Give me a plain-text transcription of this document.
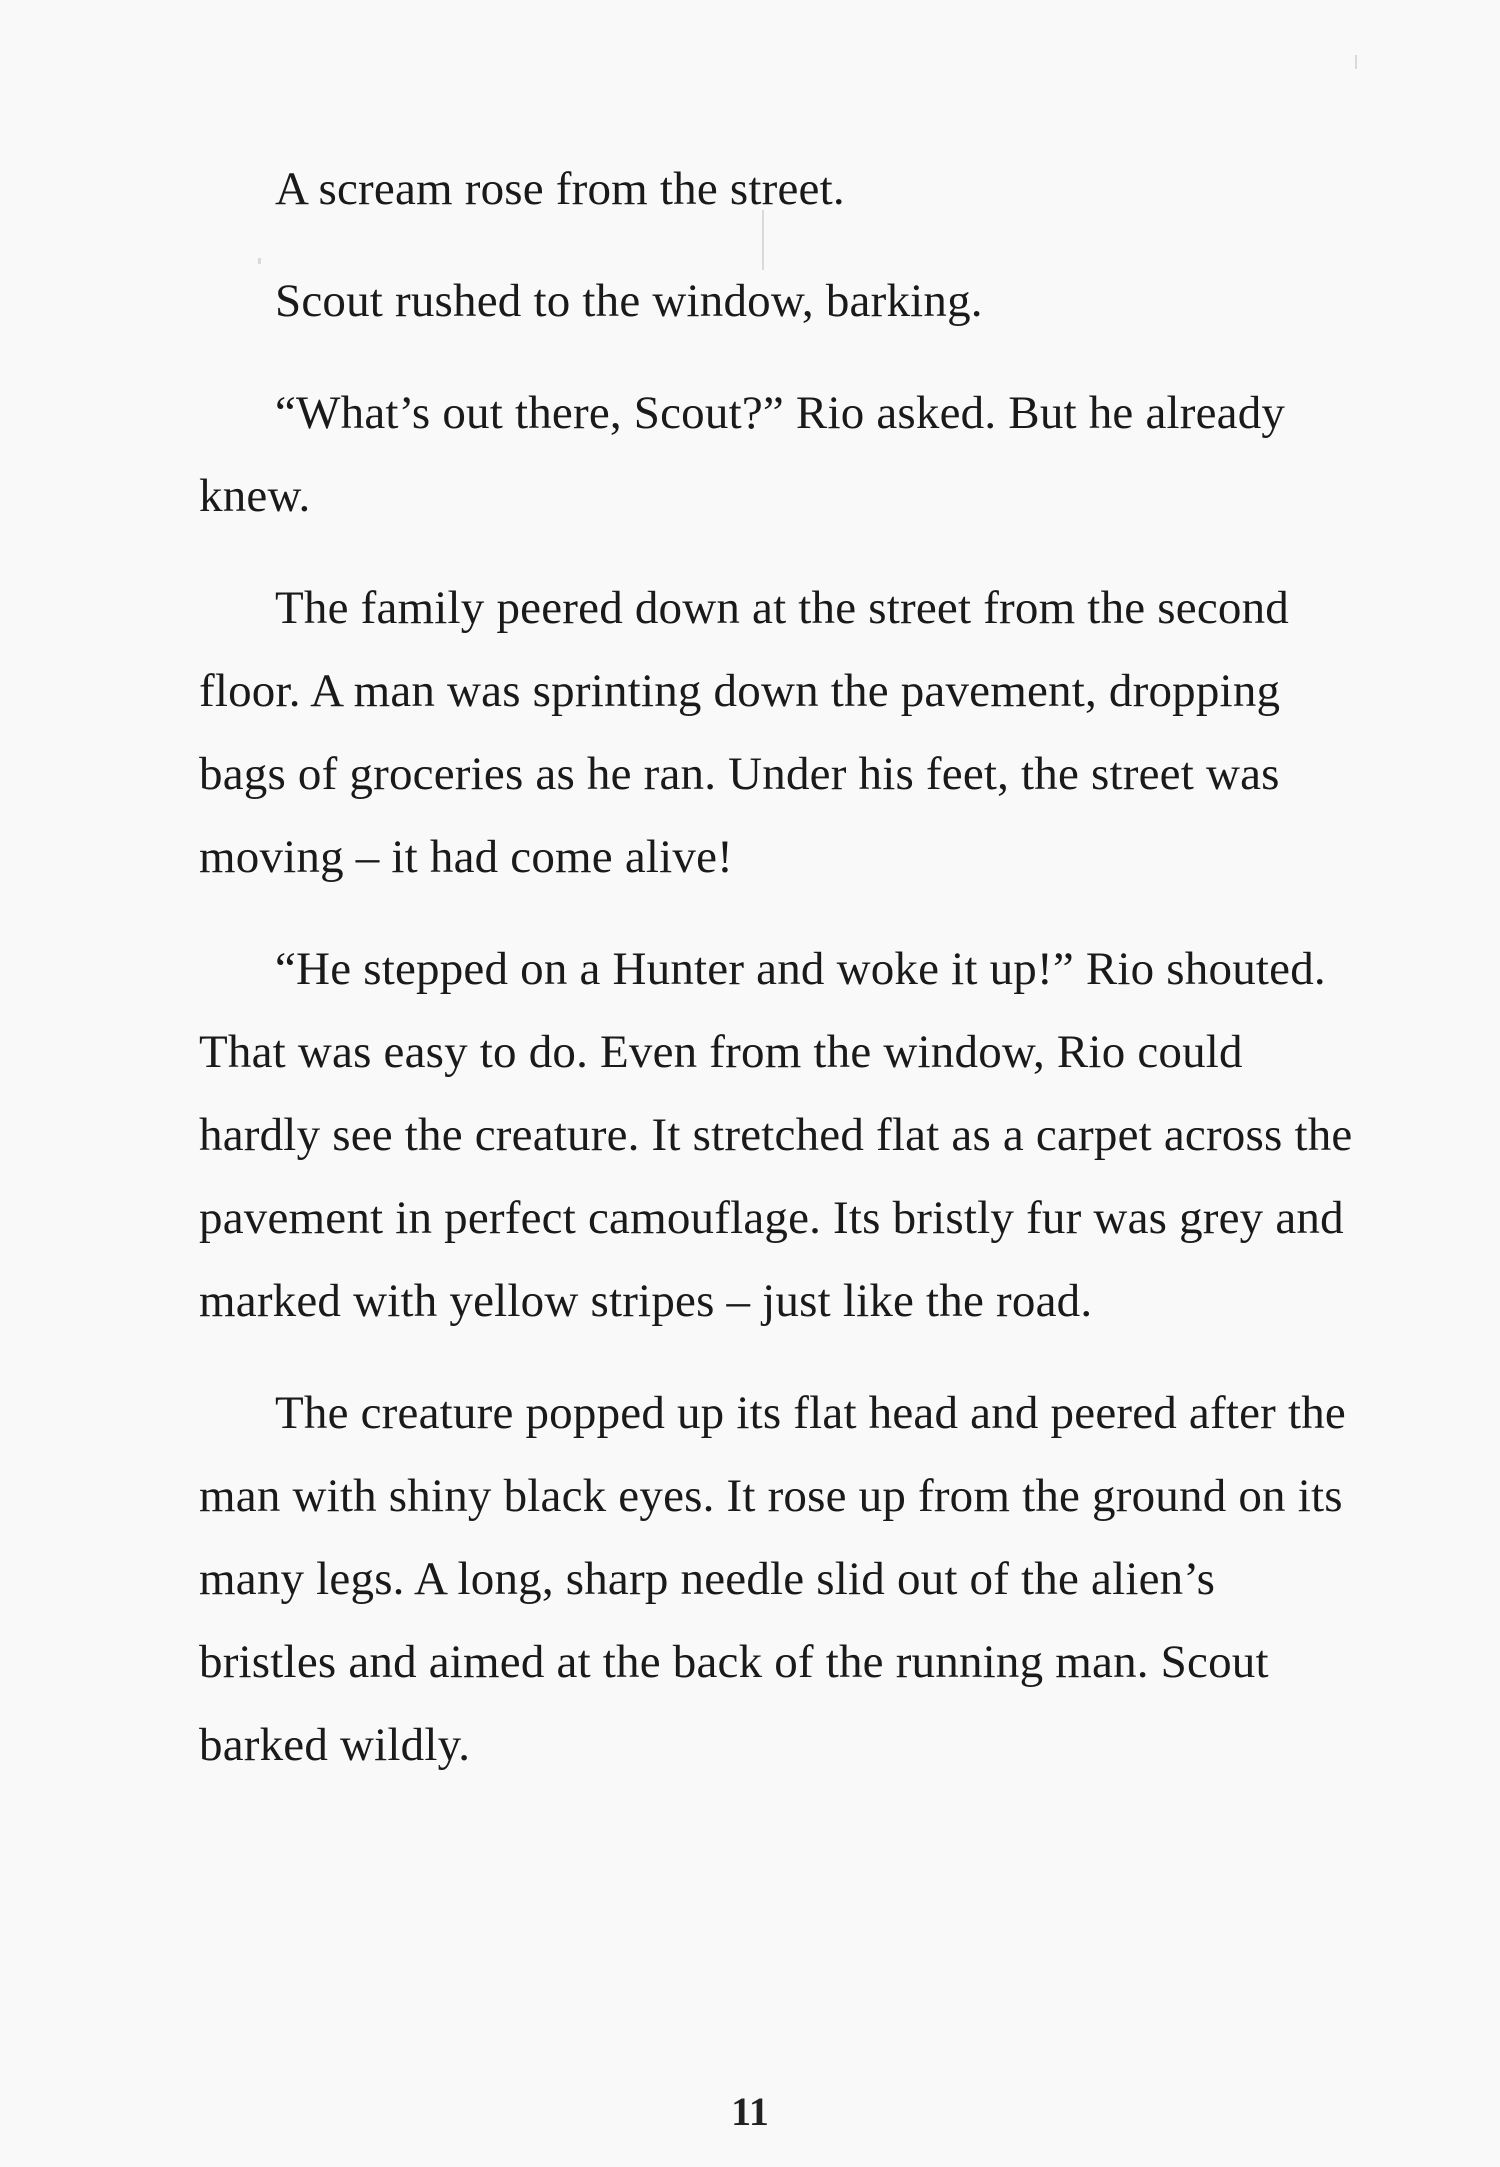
A scream rose from the street.

Scout rushed to the window, barking.

“What’s out there, Scout?” Rio asked. But he already knew.

The family peered down at the street from the second floor. A man was sprinting down the pavement, dropping bags of groceries as he ran. Under his feet, the street was moving – it had come alive!

“He stepped on a Hunter and woke it up!” Rio shouted. That was easy to do. Even from the window, Rio could hardly see the creature. It stretched flat as a carpet across the pavement in perfect camouflage. Its bristly fur was grey and marked with yellow stripes – just like the road.

The creature popped up its flat head and peered after the man with shiny black eyes. It rose up from the ground on its many legs. A long, sharp needle slid out of the alien’s bristles and aimed at the back of the running man. Scout barked wildly.

11
